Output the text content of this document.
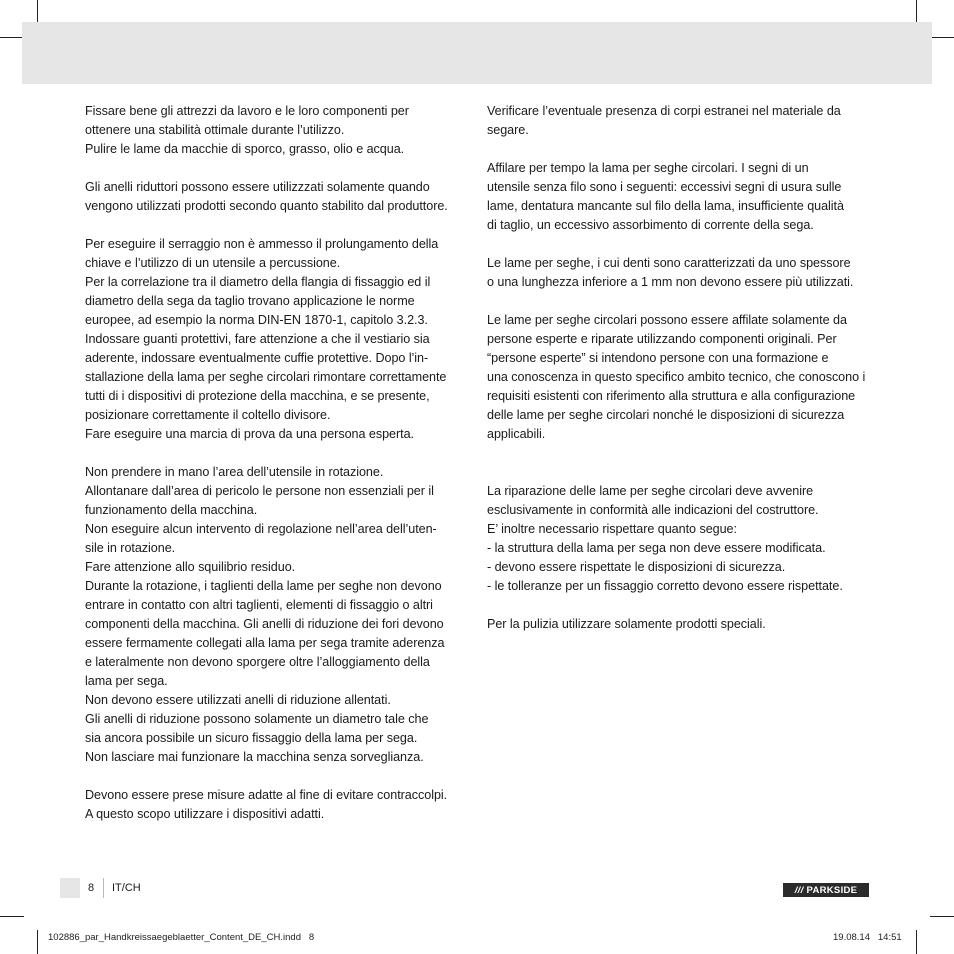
Fissare bene gli attrezzi da lavoro e le loro componenti per
ottenere una stabilità ottimale durante l’utilizzo.
Pulire le lame da macchie di sporco, grasso, olio e acqua.

Gli anelli riduttori possono essere utilizzzati solamente quando
vengono utilizzati prodotti secondo quanto stabilito dal produttore.

Per eseguire il serraggio non è ammesso il prolungamento della
chiave e l’utilizzo di un utensile a percussione.
Per la correlazione tra il diametro della flangia di fissaggio ed il
diametro della sega da taglio trovano applicazione le norme
europee, ad esempio la norma DIN-EN 1870-1, capitolo 3.2.3.
Indossare guanti protettivi, fare attenzione a che il vestiario sia
aderente, indossare eventualmente cuffie protettive. Dopo l’in-
stallazione della lama per seghe circolari rimontare correttamente
tutti di i dispositivi di protezione della macchina, e se presente,
posizionare correttamente il coltello divisore.
Fare eseguire una marcia di prova da una persona esperta.

Non prendere in mano l’area dell’utensile in rotazione.
Allontanare dall’area di pericolo le persone non essenziali per il
funzionamento della macchina.
Non eseguire alcun intervento di regolazione nell’area dell’uten-
sile in rotazione.
Fare attenzione allo squilibrio residuo.
Durante la rotazione, i taglienti della lame per seghe non devono
entrare in contatto con altri taglienti, elementi di fissaggio o altri
componenti della macchina. Gli anelli di riduzione dei fori devono
essere fermamente collegati alla lama per sega tramite aderenza
e lateralmente non devono sporgere oltre l’alloggiamento della
lama per sega.
Non devono essere utilizzati anelli di riduzione allentati.
Gli anelli di riduzione possono solamente un diametro tale che
sia ancora possibile un sicuro fissaggio della lama per sega.
Non lasciare mai funzionare la macchina senza sorveglianza.

Devono essere prese misure adatte al fine di evitare contraccolpi.
A questo scopo utilizzare i dispositivi adatti.

Verificare l’eventuale presenza di corpi estranei nel materiale da
segare.

Affilare per tempo la lama per seghe circolari. I segni di un
utensile senza filo sono i seguenti: eccessivi segni di usura sulle
lame, dentatura mancante sul filo della lama, insufficiente qualità
di taglio, un eccessivo assorbimento di corrente della sega.

Le lame per seghe, i cui denti sono caratterizzati da uno spessore
o una lunghezza inferiore a 1 mm non devono essere più utilizzati.

Le lame per seghe circolari possono essere affilate solamente da
persone esperte e riparate utilizzando componenti originali. Per
“persone esperte” si intendono persone con una formazione e
una conoscenza in questo specifico ambito tecnico, che conoscono i
requisiti esistenti con riferimento alla struttura e alla configurazione
delle lame per seghe circolari nonché le disposizioni di sicurezza
applicabili.

La riparazione delle lame per seghe circolari deve avvenire
esclusivamente in conformità alle indicazioni del costruttore.
E’ inoltre necessario rispettare quanto segue:
- la struttura della lama per sega non deve essere modificata.
- devono essere rispettate le disposizioni di sicurezza.
- le tolleranze per un fissaggio corretto devono essere rispettate.

Per la pulizia utilizzare solamente prodotti speciali.

8 IT/CH	/// PARKSIDE
102886_par_Handkreissaegeblaetter_Content_DE_CH.indd   8	19.08.14   14:51
